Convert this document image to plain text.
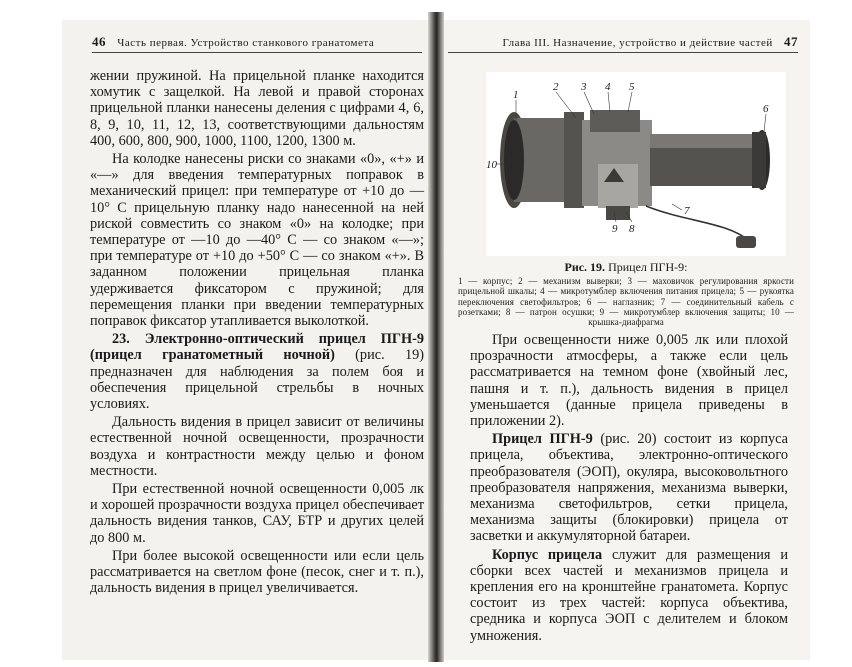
46 Часть первая. Устройство станкового гранатомета

жении пружиной. На прицельной планке находится хомутик с защелкой. На левой и правой сторонах прицельной планки нанесены деления с цифрами 4, 6, 8, 9, 10, 11, 12, 13, соответствующими дальностям 400, 600, 800, 900, 1000, 1100, 1200, 1300 м.

На колодке нанесены риски со знаками «0», «+» и «—» для введения температурных поправок в механический прицел: при температуре от +10 до —10° С прицельную планку надо нанесенной на ней риской совместить со знаком «0» на колодке; при температуре от —10 до —40° С — со знаком «—»; при температуре от +10 до +50° С — со знаком «+». В заданном положении прицельная планка удерживается фиксатором с пружиной; для перемещения планки при введении температурных поправок фиксатор утапливается выколоткой.

23. Электронно-оптический прицел ПГН-9 (прицел гранатометный ночной) (рис. 19) предназначен для наблюдения за полем боя и обеспечения прицельной стрельбы в ночных условиях.

Дальность видения в прицел зависит от величины естественной ночной освещенности, прозрачности воздуха и контрастности между целью и фоном местности.

При естественной ночной освещенности 0,005 лк и хорошей прозрачности воздуха прицел обеспечивает дальность видения танков, САУ, БТР и других целей до 800 м.

При более высокой освещенности или если цель рассматривается на светлом фоне (песок, снег и т. п.), дальность видения в прицел увеличивается.

Глава III. Назначение, устройство и действие частей 47
1
2 3 4 5
6
7
8
9
10
Рис. 19. Прицел ПГН-9:
1 — корпус; 2 — механизм выверки; 3 — маховичок регулирования яркости прицельной шкалы; 4 — микротумблер включения питания прицела; 5 — рукоятка переключения светофильтров; 6 — наглазник; 7 — соединительный кабель с розетками; 8 — патрон осушки; 9 — микротумблер включения защиты; 10 — крышка-диафрагма

При освещенности ниже 0,005 лк или плохой прозрачности атмосферы, а также если цель рассматривается на темном фоне (хвойный лес, пашня и т. п.), дальность видения в прицел уменьшается (данные прицела приведены в приложении 2).

Прицел ПГН-9 (рис. 20) состоит из корпуса прицела, объектива, электронно-оптического преобразователя (ЭОП), окуляра, высоковольтного преобразователя напряжения, механизма выверки, механизма светофильтров, сетки прицела, механизма защиты (блокировки) прицела от засветки и аккумуляторной батареи.

Корпус прицела служит для размещения и сборки всех частей и механизмов прицела и крепления его на кронштейне гранатомета. Корпус состоит из трех частей: корпуса объектива, средника и корпуса ЭОП с делителем и блоком умножения.
